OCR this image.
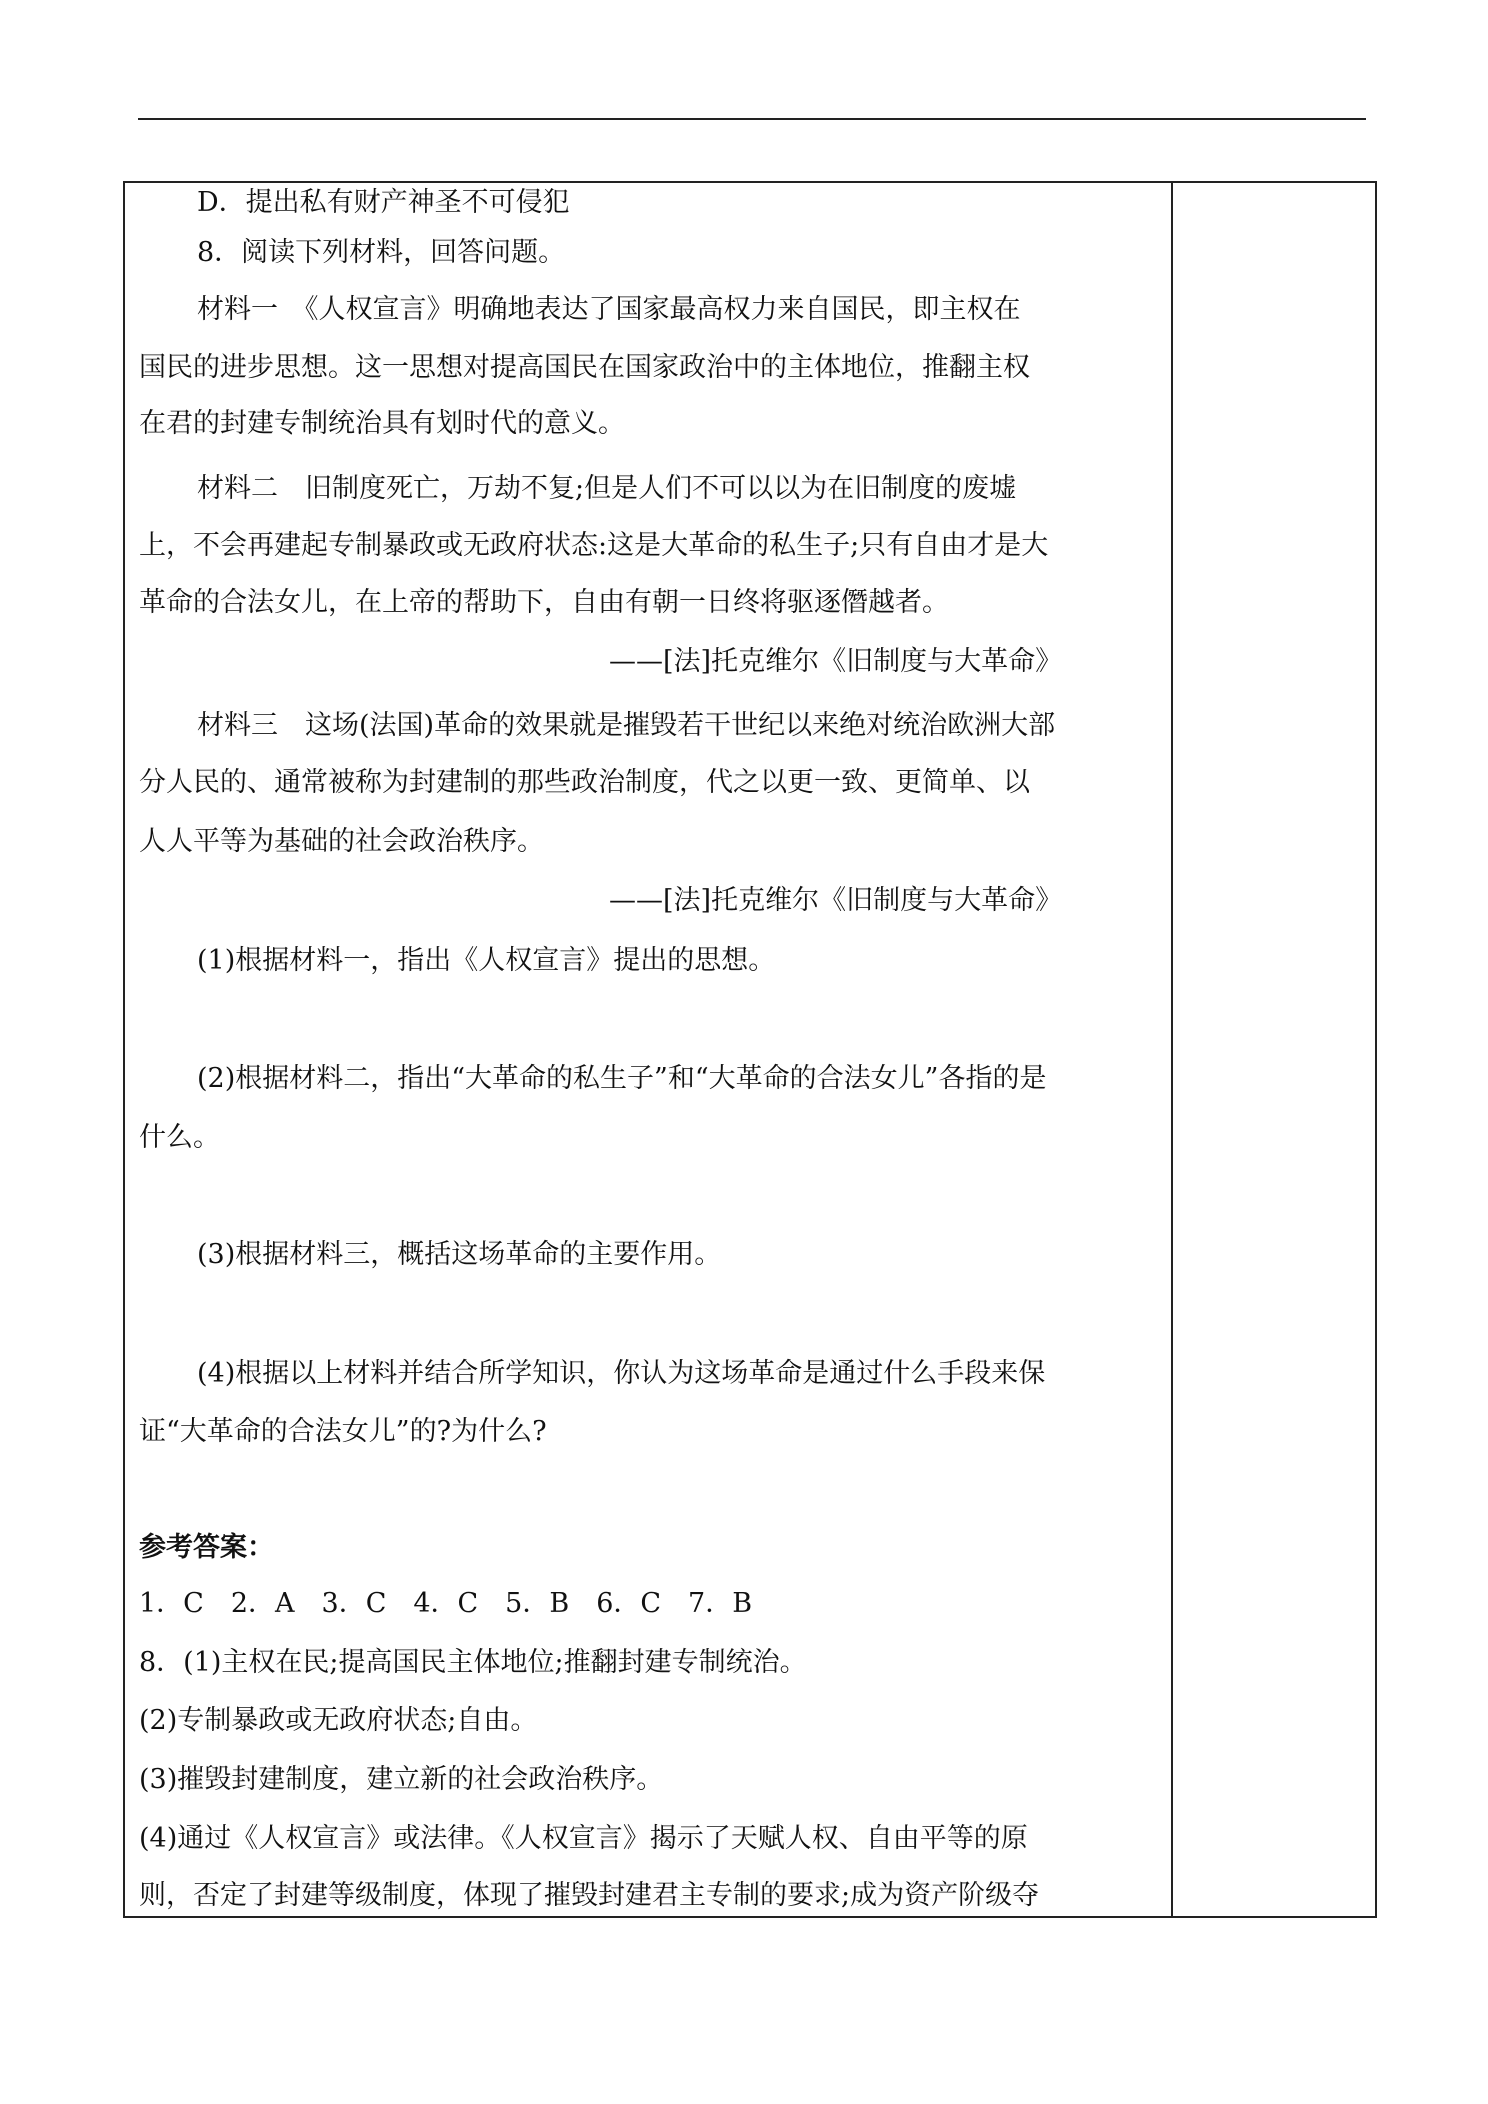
D．提出私有财产神圣不可侵犯
8．阅读下列材料，回答问题。
材料一　《人权宣言》明确地表达了国家最高权力来自国民，即主权在
国民的进步思想。这一思想对提高国民在国家政治中的主体地位，推翻主权
在君的封建专制统治具有划时代的意义。
材料二　旧制度死亡，万劫不复;但是人们不可以以为在旧制度的废墟
上，不会再建起专制暴政或无政府状态:这是大革命的私生子;只有自由才是大
革命的合法女儿，在上帝的帮助下，自由有朝一日终将驱逐僭越者。
——[法]托克维尔《旧制度与大革命》
材料三　这场(法国)革命的效果就是摧毁若干世纪以来绝对统治欧洲大部
分人民的、通常被称为封建制的那些政治制度，代之以更一致、更简单、以
人人平等为基础的社会政治秩序。
——[法]托克维尔《旧制度与大革命》
(1)根据材料一，指出《人权宣言》提出的思想。
(2)根据材料二，指出“大革命的私生子”和“大革命的合法女儿”各指的是
什么。
(3)根据材料三，概括这场革命的主要作用。
(4)根据以上材料并结合所学知识，你认为这场革命是通过什么手段来保
证“大革命的合法女儿”的?为什么?
参考答案：
1．C　2．A　3．C　4．C　5．B　6．C　7．B
8．(1)主权在民;提高国民主体地位;推翻封建专制统治。
(2)专制暴政或无政府状态;自由。
(3)摧毁封建制度，建立新的社会政治秩序。
(4)通过《人权宣言》或法律。《人权宣言》揭示了天赋人权、自由平等的原
则，否定了封建等级制度，体现了摧毁封建君主专制的要求;成为资产阶级夺
